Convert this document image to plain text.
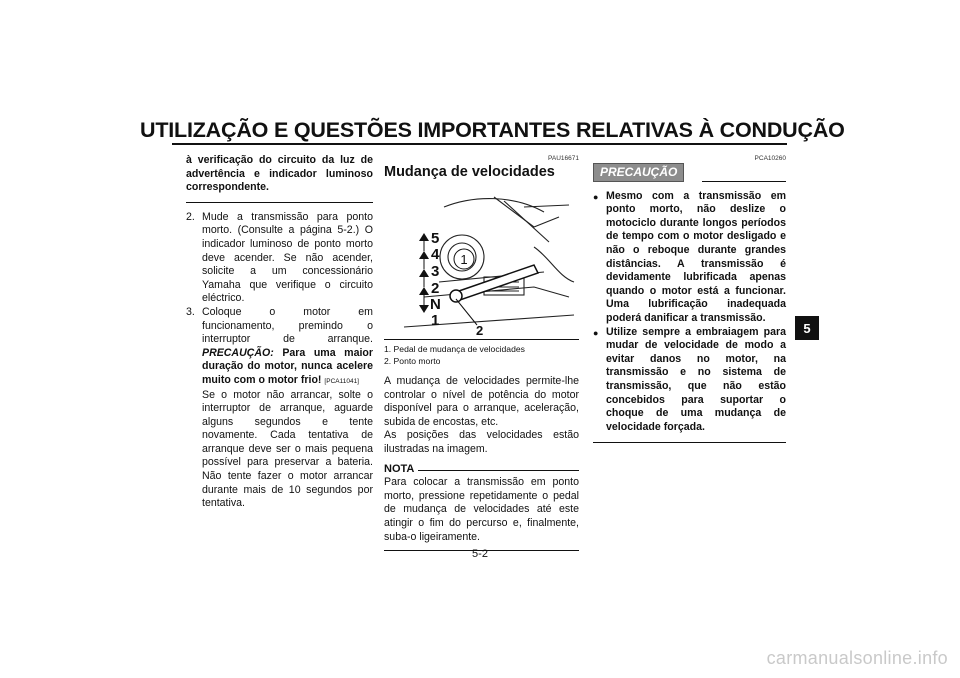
UTILIZAÇÃO E QUESTÕES IMPORTANTES RELATIVAS À CONDUÇÃO
à verificação do circuito da luz de advertência e indicador luminoso correspondente.
2. Mude a transmissão para ponto morto. (Consulte a página 5-2.) O indicador luminoso de ponto morto deve acender. Se não acender, solicite a um concessionário Yamaha que verifique o circuito eléctrico.
3. Coloque o motor em funcionamento, premindo o interruptor de arranque. PRECAUÇÃO: Para uma maior duração do motor, nunca acelere muito com o motor frio! [PCA11041]
Se o motor não arrancar, solte o interruptor de arranque, aguarde alguns segundos e tente novamente. Cada tentativa de arranque deve ser o mais pequena possível para preservar a bateria. Não tente fazer o motor arrancar durante mais de 10 segundos por tentativa.
PAU16671
Mudança de velocidades
5
4
3
2
N
1
1
2
1. Pedal de mudança de velocidades
2. Ponto morto
A mudança de velocidades permite-lhe controlar o nível de potência do motor disponível para o arranque, aceleração, subida de encostas, etc.
As posições das velocidades estão ilustradas na imagem.
NOTA
Para colocar a transmissão em ponto morto, pressione repetidamente o pedal de mudança de velocidades até este atingir o fim do percurso e, finalmente, suba-o ligeiramente.
PCA10260
PRECAUÇÃO
● Mesmo com a transmissão em ponto morto, não deslize o motociclo durante longos períodos de tempo com o motor desligado e não o reboque durante grandes distâncias. A transmissão é devidamente lubrificada apenas quando o motor está a funcionar. Uma lubrificação inadequada poderá danificar a transmissão.
● Utilize sempre a embraiagem para mudar de velocidade de modo a evitar danos no motor, na transmissão e no sistema de transmissão, que não estão concebidos para suportar o choque de uma mudança de velocidade forçada.
5
5-2
carmanualsonline.info
